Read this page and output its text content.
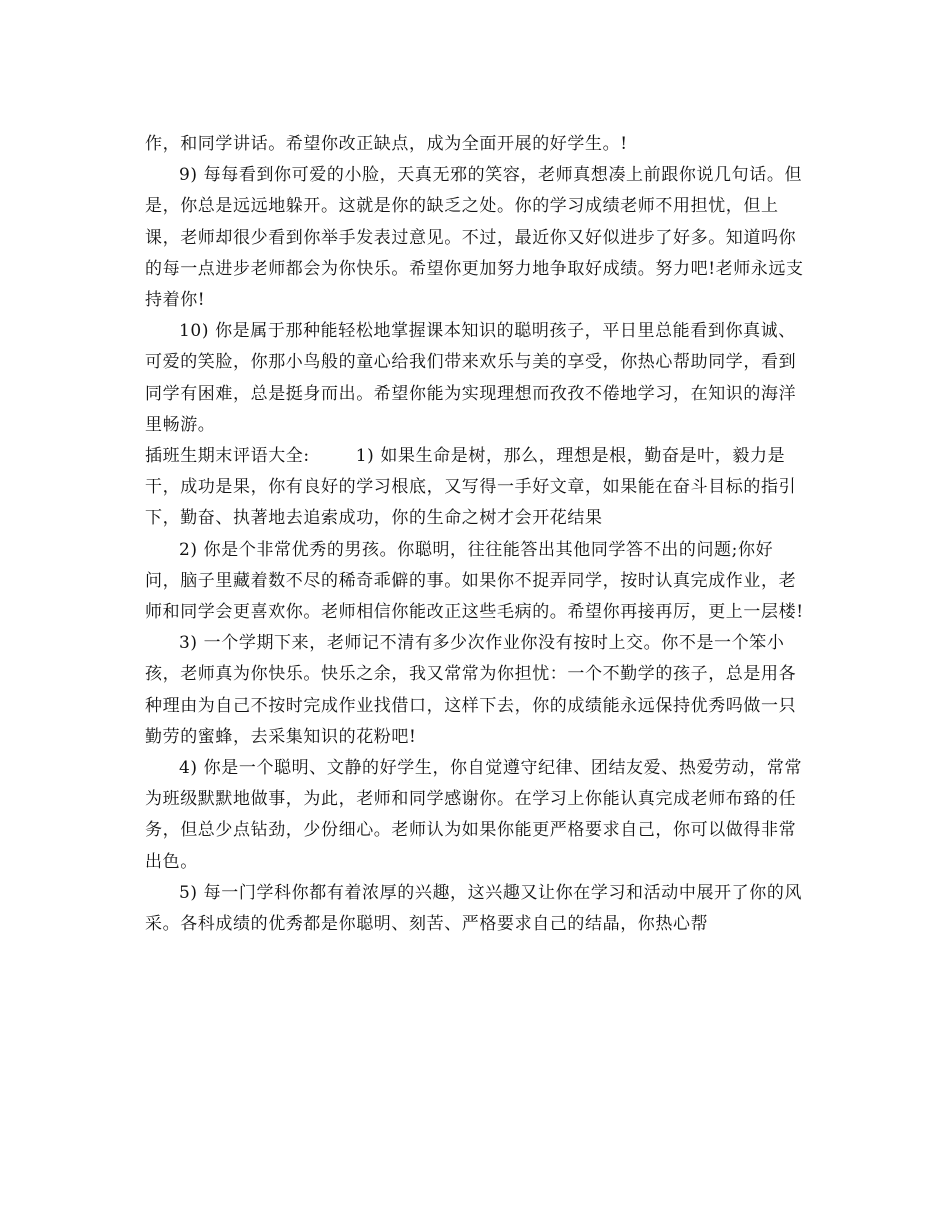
作，和同学讲话。希望你改正缺点，成为全面开展的好学生。!

9) 每每看到你可爱的小脸，天真无邪的笑容，老师真想凑上前跟你说几句话。但是，你总是远远地躲开。这就是你的缺乏之处。你的学习成绩老师不用担忧，但上课，老师却很少看到你举手发表过意见。不过，最近你又好似进步了好多。知道吗你的每一点进步老师都会为你快乐。希望你更加努力地争取好成绩。努力吧!老师永远支持着你!

10) 你是属于那种能轻松地掌握课本知识的聪明孩子，平日里总能看到你真诚、可爱的笑脸，你那小鸟般的童心给我们带来欢乐与美的享受，你热心帮助同学，看到同学有困难，总是挺身而出。希望你能为实现理想而孜孜不倦地学习，在知识的海洋里畅游。

插班生期末评语大全:	1) 如果生命是树，那么，理想是根，勤奋是叶，毅力是干，成功是果，你有良好的学习根底，又写得一手好文章，如果能在奋斗目标的指引下，勤奋、执著地去追索成功，你的生命之树才会开花结果

2) 你是个非常优秀的男孩。你聪明，往往能答出其他同学答不出的问题;你好问，脑子里藏着数不尽的稀奇乖僻的事。如果你不捉弄同学，按时认真完成作业，老师和同学会更喜欢你。老师相信你能改正这些毛病的。希望你再接再厉，更上一层楼!

3) 一个学期下来，老师记不清有多少次作业你没有按时上交。你不是一个笨小孩，老师真为你快乐。快乐之余，我又常常为你担忧：一个不勤学的孩子，总是用各种理由为自己不按时完成作业找借口，这样下去，你的成绩能永远保持优秀吗做一只勤劳的蜜蜂，去采集知识的花粉吧!

4) 你是一个聪明、文静的好学生，你自觉遵守纪律、团结友爱、热爱劳动，常常为班级默默地做事，为此，老师和同学感谢你。在学习上你能认真完成老师布臵的任务，但总少点钻劲，少份细心。老师认为如果你能更严格要求自己，你可以做得非常出色。

5) 每一门学科你都有着浓厚的兴趣，这兴趣又让你在学习和活动中展开了你的风采。各科成绩的优秀都是你聪明、刻苦、严格要求自己的结晶，你热心帮
